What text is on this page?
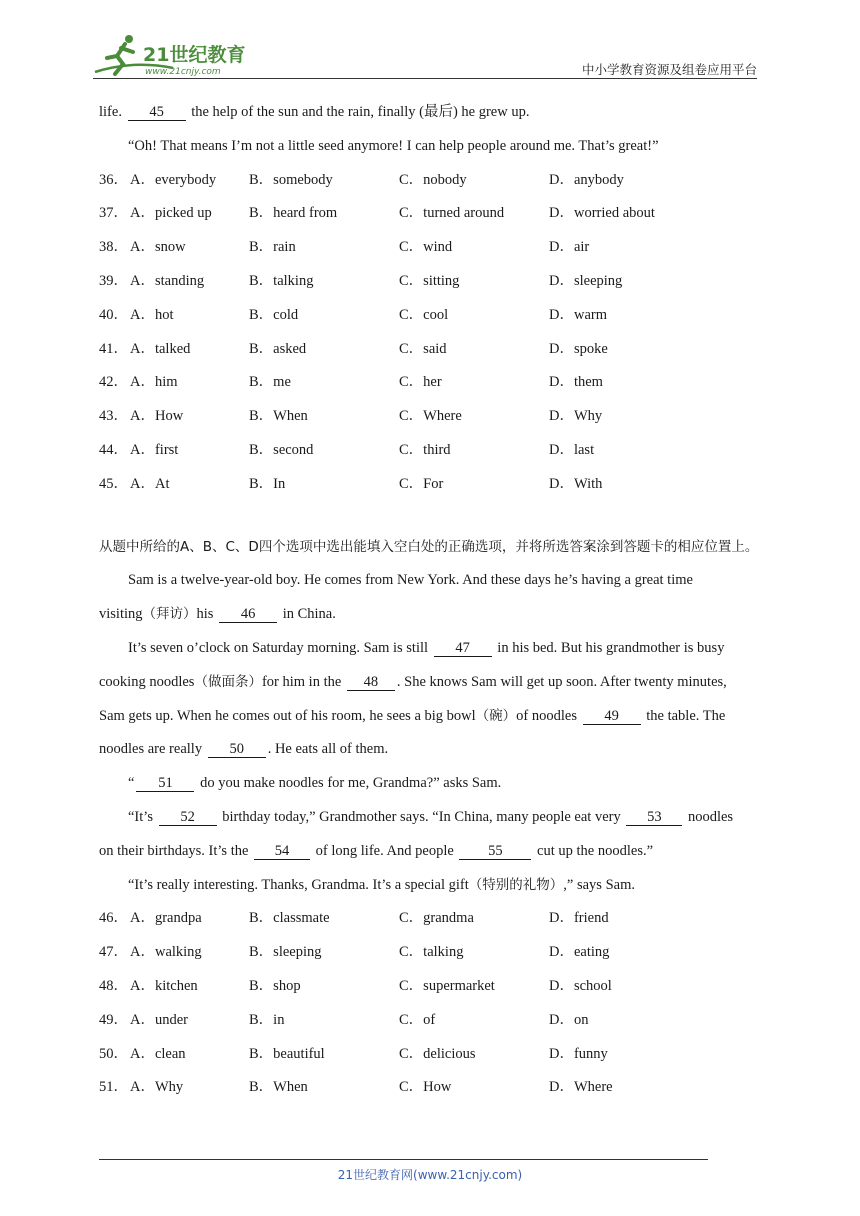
21世纪教育
www.21cnjy.com	中小学教育资源及组卷应用平台
life. 45 the help of the sun and the rain, finally (最后) he grew up.
“Oh! That means I’m not a little seed anymore! I can help people around me. That’s great!”
36． A．everybody B．somebody	C．nobody	D．anybody
37． A．picked up	B．heard from	C．turned around	D．worried about
38． A．snow	B．rain	C．wind	D．air
39． A．standing	B．talking	C．sitting	D．sleeping
40． A．hot	B．cold	C．cool	D．warm
41． A．talked	B．asked	C．said	D．spoke
42． A．him	B．me	C．her	D．them
43． A．How	B．When	C．Where	D．Why
44． A．first	B．second	C．third	D．last
45． A．At	B．In	C．For	D．With
从题中所给的A、B、C、D四个选项中选出能填入空白处的正确选项，并将所选答案涂到答题卡的相应位置上。
Sam is a twelve-year-old boy. He comes from New York. And these days he’s having a great time
visiting（拜访）his 46 in China.
It’s seven o’clock on Saturday morning. Sam is still 47 in his bed. But his grandmother is busy
cooking noodles（做面条）for him in the 48 . She knows Sam will get up soon. After twenty minutes,
Sam gets up. When he comes out of his room, he sees a big bowl（碗）of noodles 49 the table. The
noodles are really 50 . He eats all of them.
“ 51 do you make noodles for me, Grandma?” asks Sam.
“It’s 52 birthday today,” Grandmother says. “In China, many people eat very 53 noodles
on their birthdays. It’s the 54 of long life. And people 55 cut up the noodles.”
“It’s really interesting. Thanks, Grandma. It’s a special gift（特别的礼物）,” says Sam.
46． A．grandpa	B．classmate	C．grandma	D．friend
47． A．walking	B．sleeping	C．talking	D．eating
48． A．kitchen	B．shop	C．supermarket	D．school
49． A．under	B．in	C．of	D．on
50． A．clean	B．beautiful	C．delicious	D．funny
51． A．Why	B．When	C．How	D．Where
21世纪教育网(www.21cnjy.com)
